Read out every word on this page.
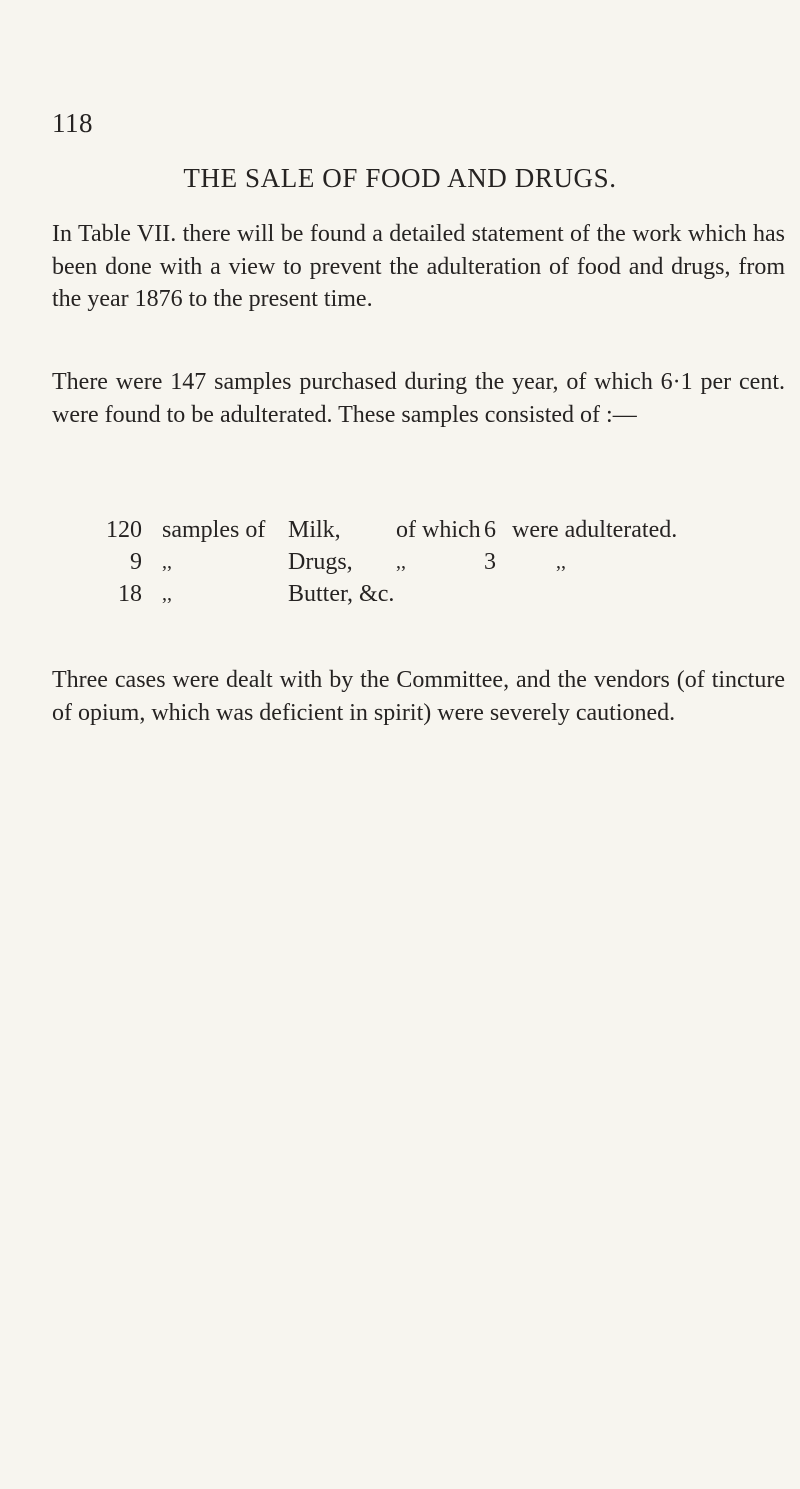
118
THE SALE OF FOOD AND DRUGS.

In Table VII. there will be found a detailed statement of the work which has been done with a view to prevent the adulteration of food and drugs, from the year 1876 to the present time.

There were 147 samples purchased during the year, of which 6·1 per cent. were found to be adulterated. These samples consisted of :—

120 samples of Milk, of which 6 were adulterated.
9 ,,	Drugs, ,,	3	,,
18 ,,	Butter, &c.

Three cases were dealt with by the Committee, and the vendors (of tincture of opium, which was deficient in spirit) were severely cautioned.
